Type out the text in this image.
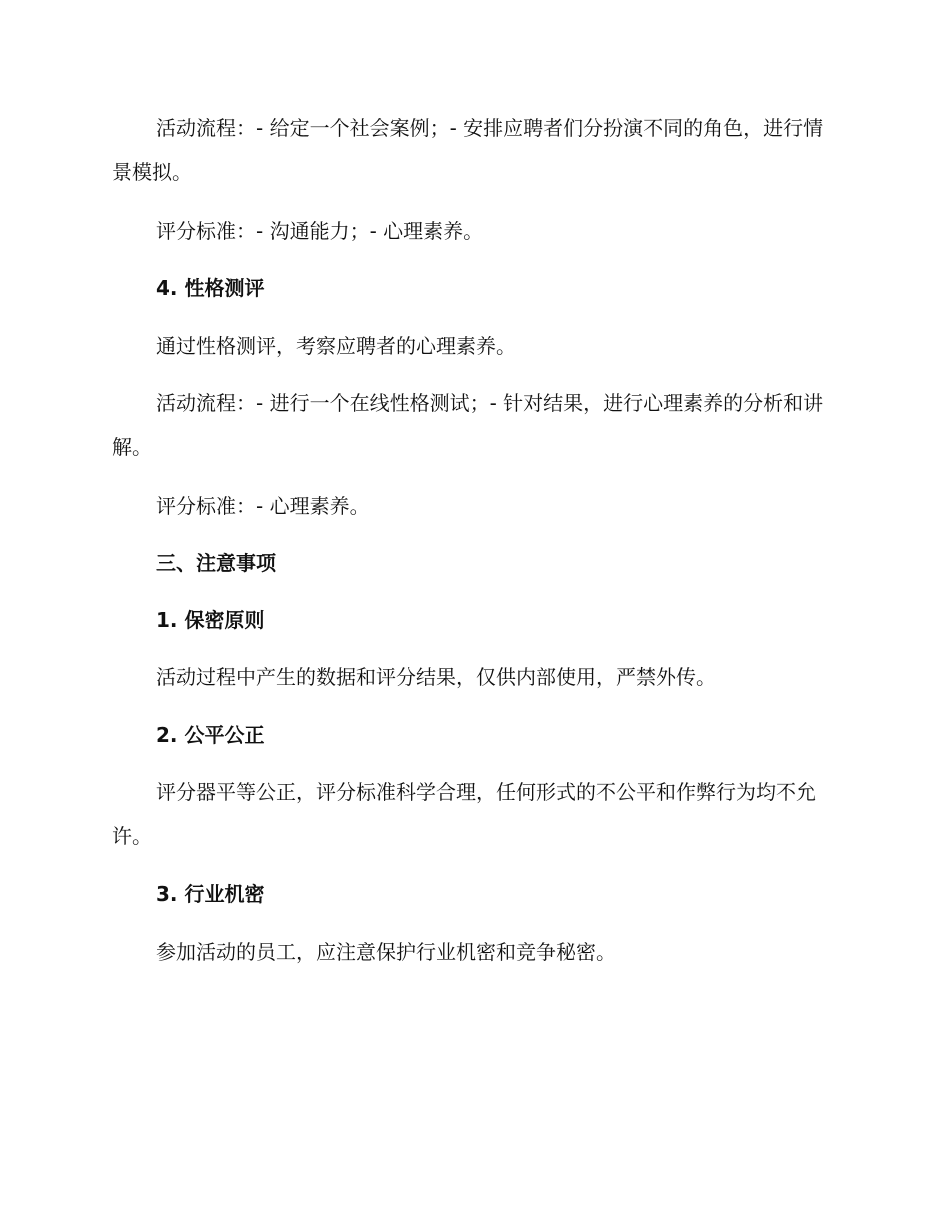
活动流程：- 给定一个社会案例；- 安排应聘者们分扮演不同的角色，进行情景模拟。

评分标准：- 沟通能力；- 心理素养。

4. 性格测评

通过性格测评，考察应聘者的心理素养。

活动流程：- 进行一个在线性格测试；- 针对结果，进行心理素养的分析和讲解。

评分标准：- 心理素养。

三、注意事项

1. 保密原则

活动过程中产生的数据和评分结果，仅供内部使用，严禁外传。

2. 公平公正

评分器平等公正，评分标准科学合理，任何形式的不公平和作弊行为均不允许。

3. 行业机密

参加活动的员工，应注意保护行业机密和竞争秘密。
